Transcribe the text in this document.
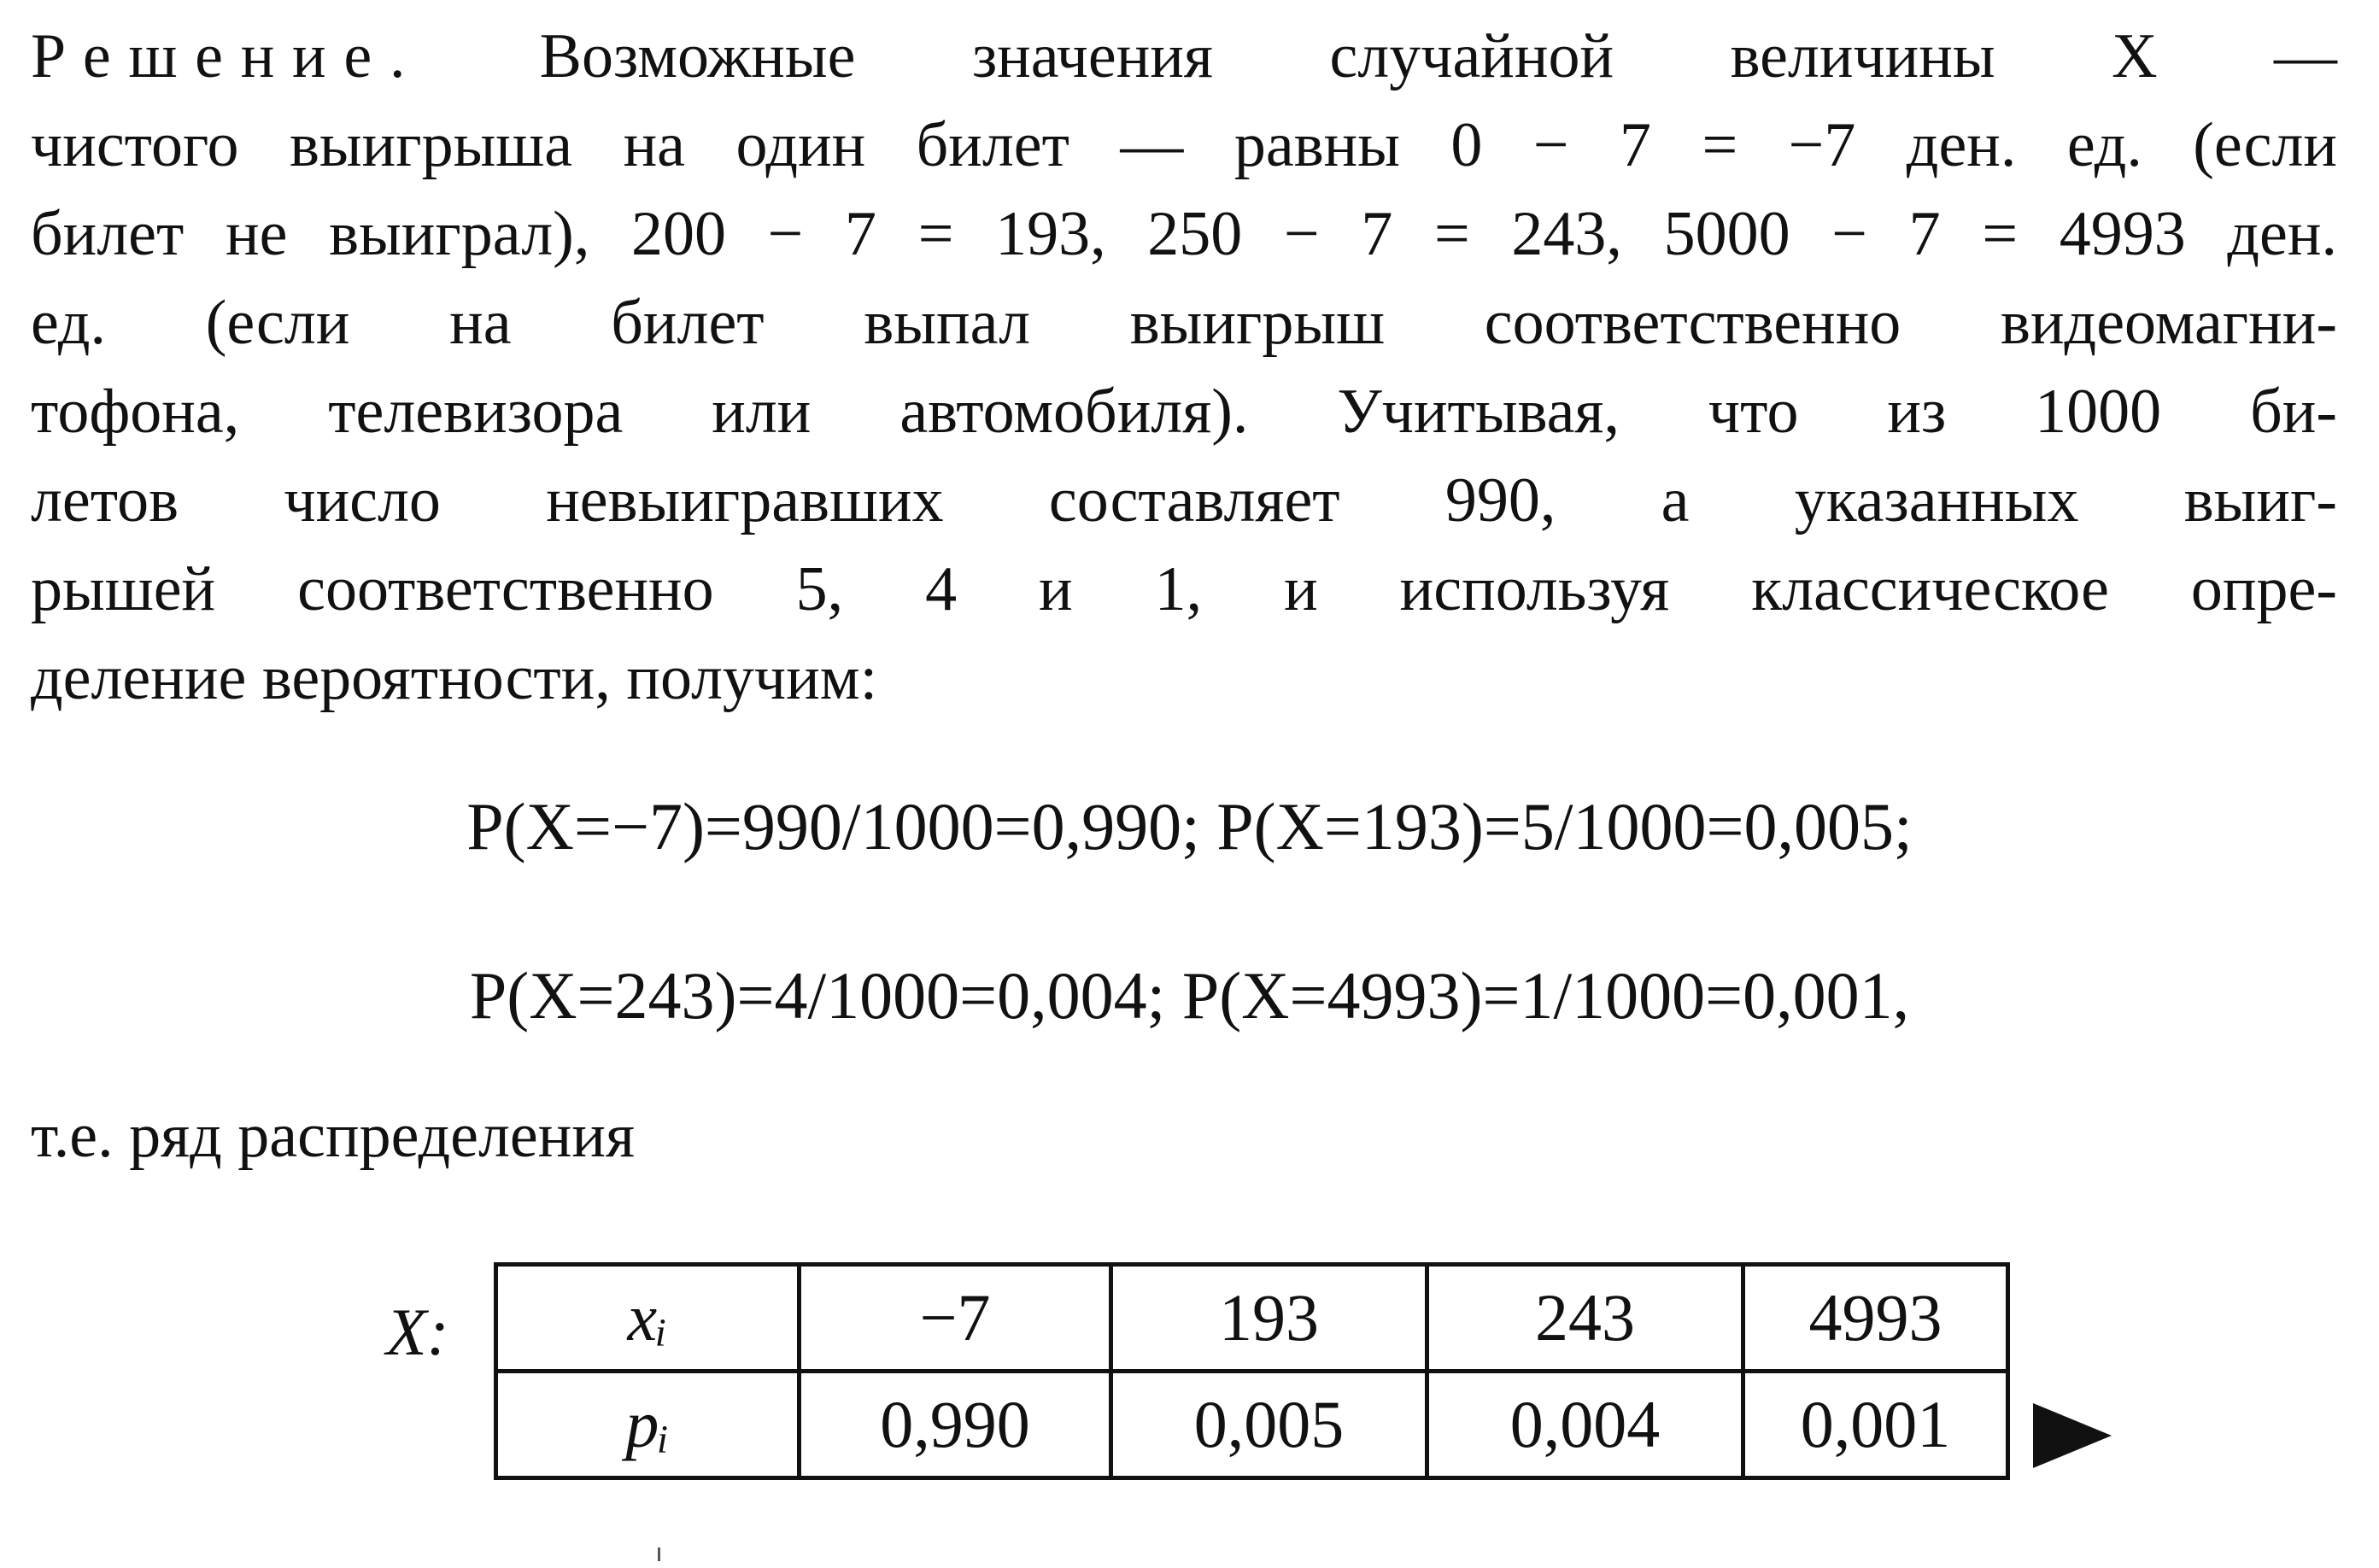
Решение. Возможные значения случайной величины X —
чистого выигрыша на один билет — равны 0 − 7 = −7 ден. ед. (если
билет не выиграл), 200 − 7 = 193, 250 − 7 = 243, 5000 − 7 = 4993 ден.
ед. (если на билет выпал выигрыш соответственно видеомагни-
тофона, телевизора или автомобиля). Учитывая, что из 1000 би-
летов число невыигравших составляет 990, а указанных выиг-
рышей соответственно 5, 4 и 1, и используя классическое опре-
деление вероятности, получим:
P(X=−7)=990/1000=0,990; P(X=193)=5/1000=0,005;
P(X=243)=4/1000=0,004; P(X=4993)=1/1000=0,001,
т.е. ряд распределения
X:	xᵢ	−7	193	243	4993
pᵢ	0,990	0,005	0,004	0,001
